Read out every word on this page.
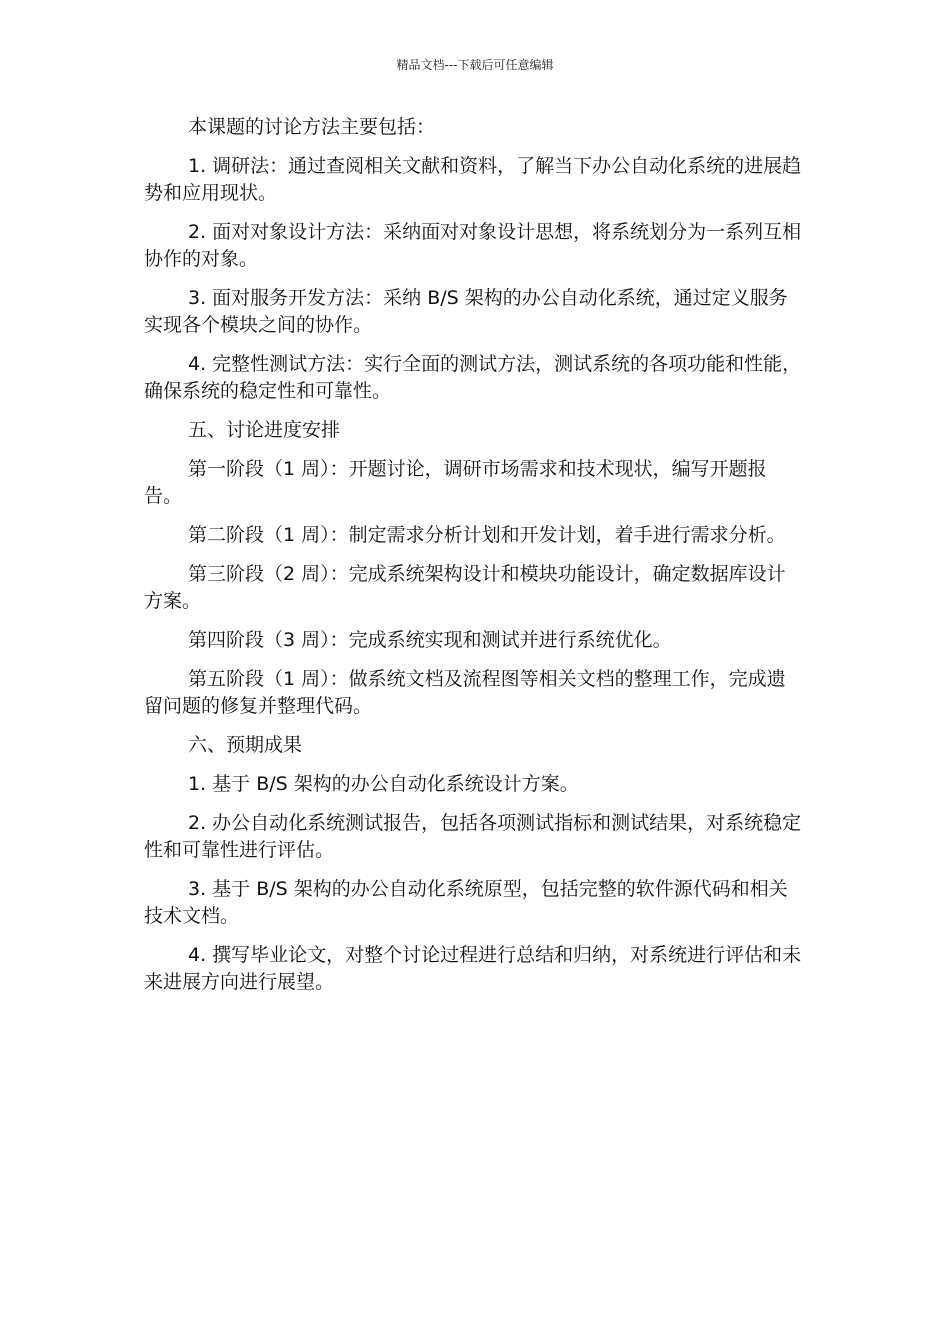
精品文档---下载后可任意编辑

本课题的讨论方法主要包括：

1. 调研法：通过查阅相关文献和资料，了解当下办公自动化系统的进展趋势和应用现状。

2. 面对对象设计方法：采纳面对对象设计思想，将系统划分为一系列互相协作的对象。

3. 面对服务开发方法：采纳 B/S 架构的办公自动化系统，通过定义服务实现各个模块之间的协作。

4. 完整性测试方法：实行全面的测试方法，测试系统的各项功能和性能，确保系统的稳定性和可靠性。

五、讨论进度安排

第一阶段（1 周）：开题讨论，调研市场需求和技术现状，编写开题报告。

第二阶段（1 周）：制定需求分析计划和开发计划，着手进行需求分析。

第三阶段（2 周）：完成系统架构设计和模块功能设计，确定数据库设计方案。

第四阶段（3 周）：完成系统实现和测试并进行系统优化。

第五阶段（1 周）：做系统文档及流程图等相关文档的整理工作，完成遗留问题的修复并整理代码。

六、预期成果

1. 基于 B/S 架构的办公自动化系统设计方案。

2. 办公自动化系统测试报告，包括各项测试指标和测试结果，对系统稳定性和可靠性进行评估。

3. 基于 B/S 架构的办公自动化系统原型，包括完整的软件源代码和相关技术文档。

4. 撰写毕业论文，对整个讨论过程进行总结和归纳，对系统进行评估和未来进展方向进行展望。
